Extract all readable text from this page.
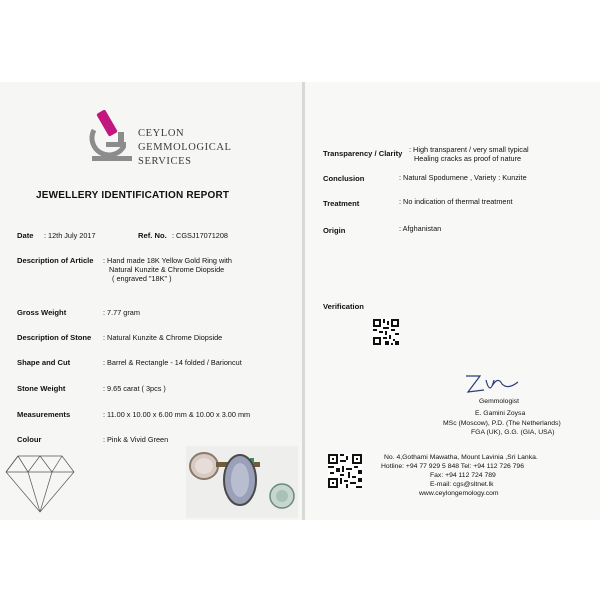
CEYLON
GEMMOLOGICAL
SERVICES
JEWELLERY IDENTIFICATION REPORT
Date : 12th July 2017	Ref. No. : CGSJ17071208
Description of Article : Hand made 18K Yellow Gold Ring with
Natural Kunzite & Chrome Diopside
( engraved "18K" )
Gross Weight	: 7.77 gram
Description of Stone : Natural Kunzite & Chrome Diopside
Shape and Cut	: Barrel & Rectangle - 14 folded / Barioncut
Stone Weight	: 9.65 carat ( 3pcs )
Measurements	: 11.00 x 10.00 x 6.00 mm & 10.00 x 3.00 mm
Colour	: Pink & Vivid Green
Transparency / Clarity : High transparent / very small typical
Healing cracks as proof of nature
Conclusion	: Natural Spodumene , Variety : Kunzite
Treatment	: No indication of thermal treatment
Origin	: Afghanistan
Verification
Gemmologist
E. Gamini Zoysa
MSc (Moscow), P.D. (The Netherlands)
FGA (UK), G.G. (GIA, USA)
No. 4,Gothami Mawatha, Mount Lavinia ,Sri Lanka.
Hotline: +94 77 929 5 848 Tel: +94 112 726 796
Fax: +94 112 724 789
E-mail: cgs@sltnet.lk
www.ceylongemology.com
